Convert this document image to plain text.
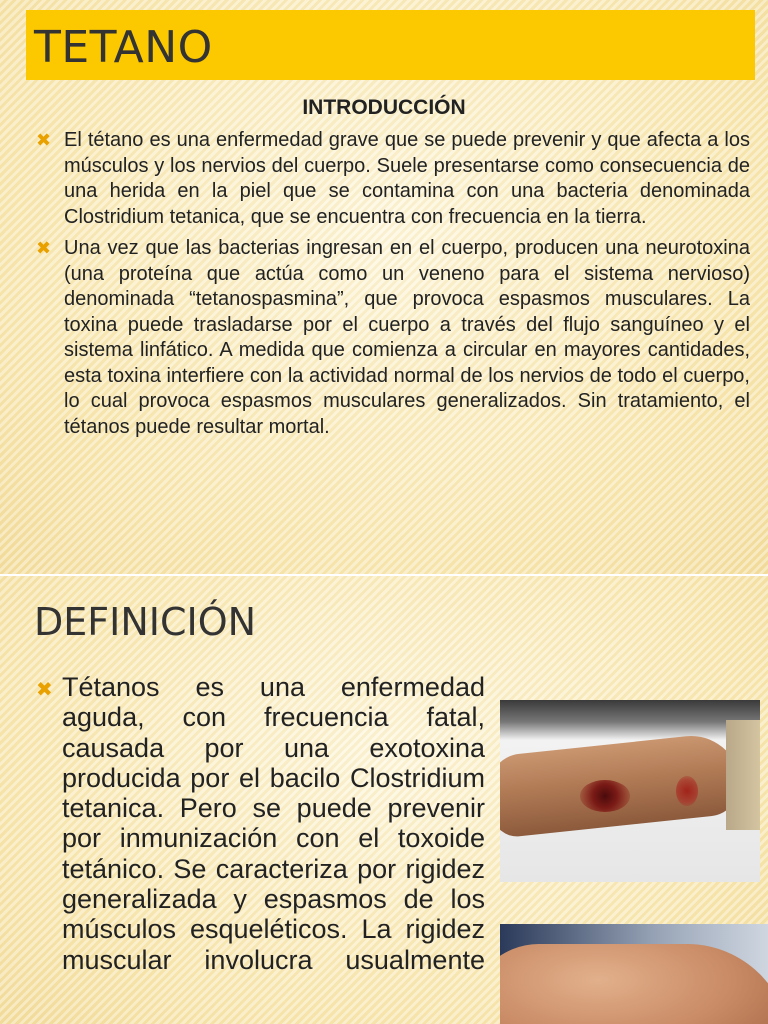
TETANO
INTRODUCCIÓN
✖ El tétano es una enfermedad grave que se puede prevenir y que afecta a los músculos y los nervios del cuerpo. Suele presentarse como consecuencia de una herida en la piel que se contamina con una bacteria denominada Clostridium tetanica, que se encuentra con frecuencia en la tierra.
✖ Una vez que las bacterias ingresan en el cuerpo, producen una neurotoxina (una proteína que actúa como un veneno para el sistema nervioso) denominada “tetanospasmina”, que provoca espasmos musculares. La toxina puede trasladarse por el cuerpo a través del flujo sanguíneo y el sistema linfático. A medida que comienza a circular en mayores cantidades, esta toxina interfiere con la actividad normal de los nervios de todo el cuerpo, lo cual provoca espasmos musculares generalizados. Sin tratamiento, el tétanos puede resultar mortal.
DEFINICIÓN
✖ Tétanos es una enfermedad aguda, con frecuencia fatal, causada por una exotoxina producida por el bacilo Clostridium tetanica. Pero se puede prevenir por inmunización con el toxoide tetánico. Se caracteriza por rigidez generalizada y espasmos de los músculos esqueléticos. La rigidez muscular involucra usualmente
